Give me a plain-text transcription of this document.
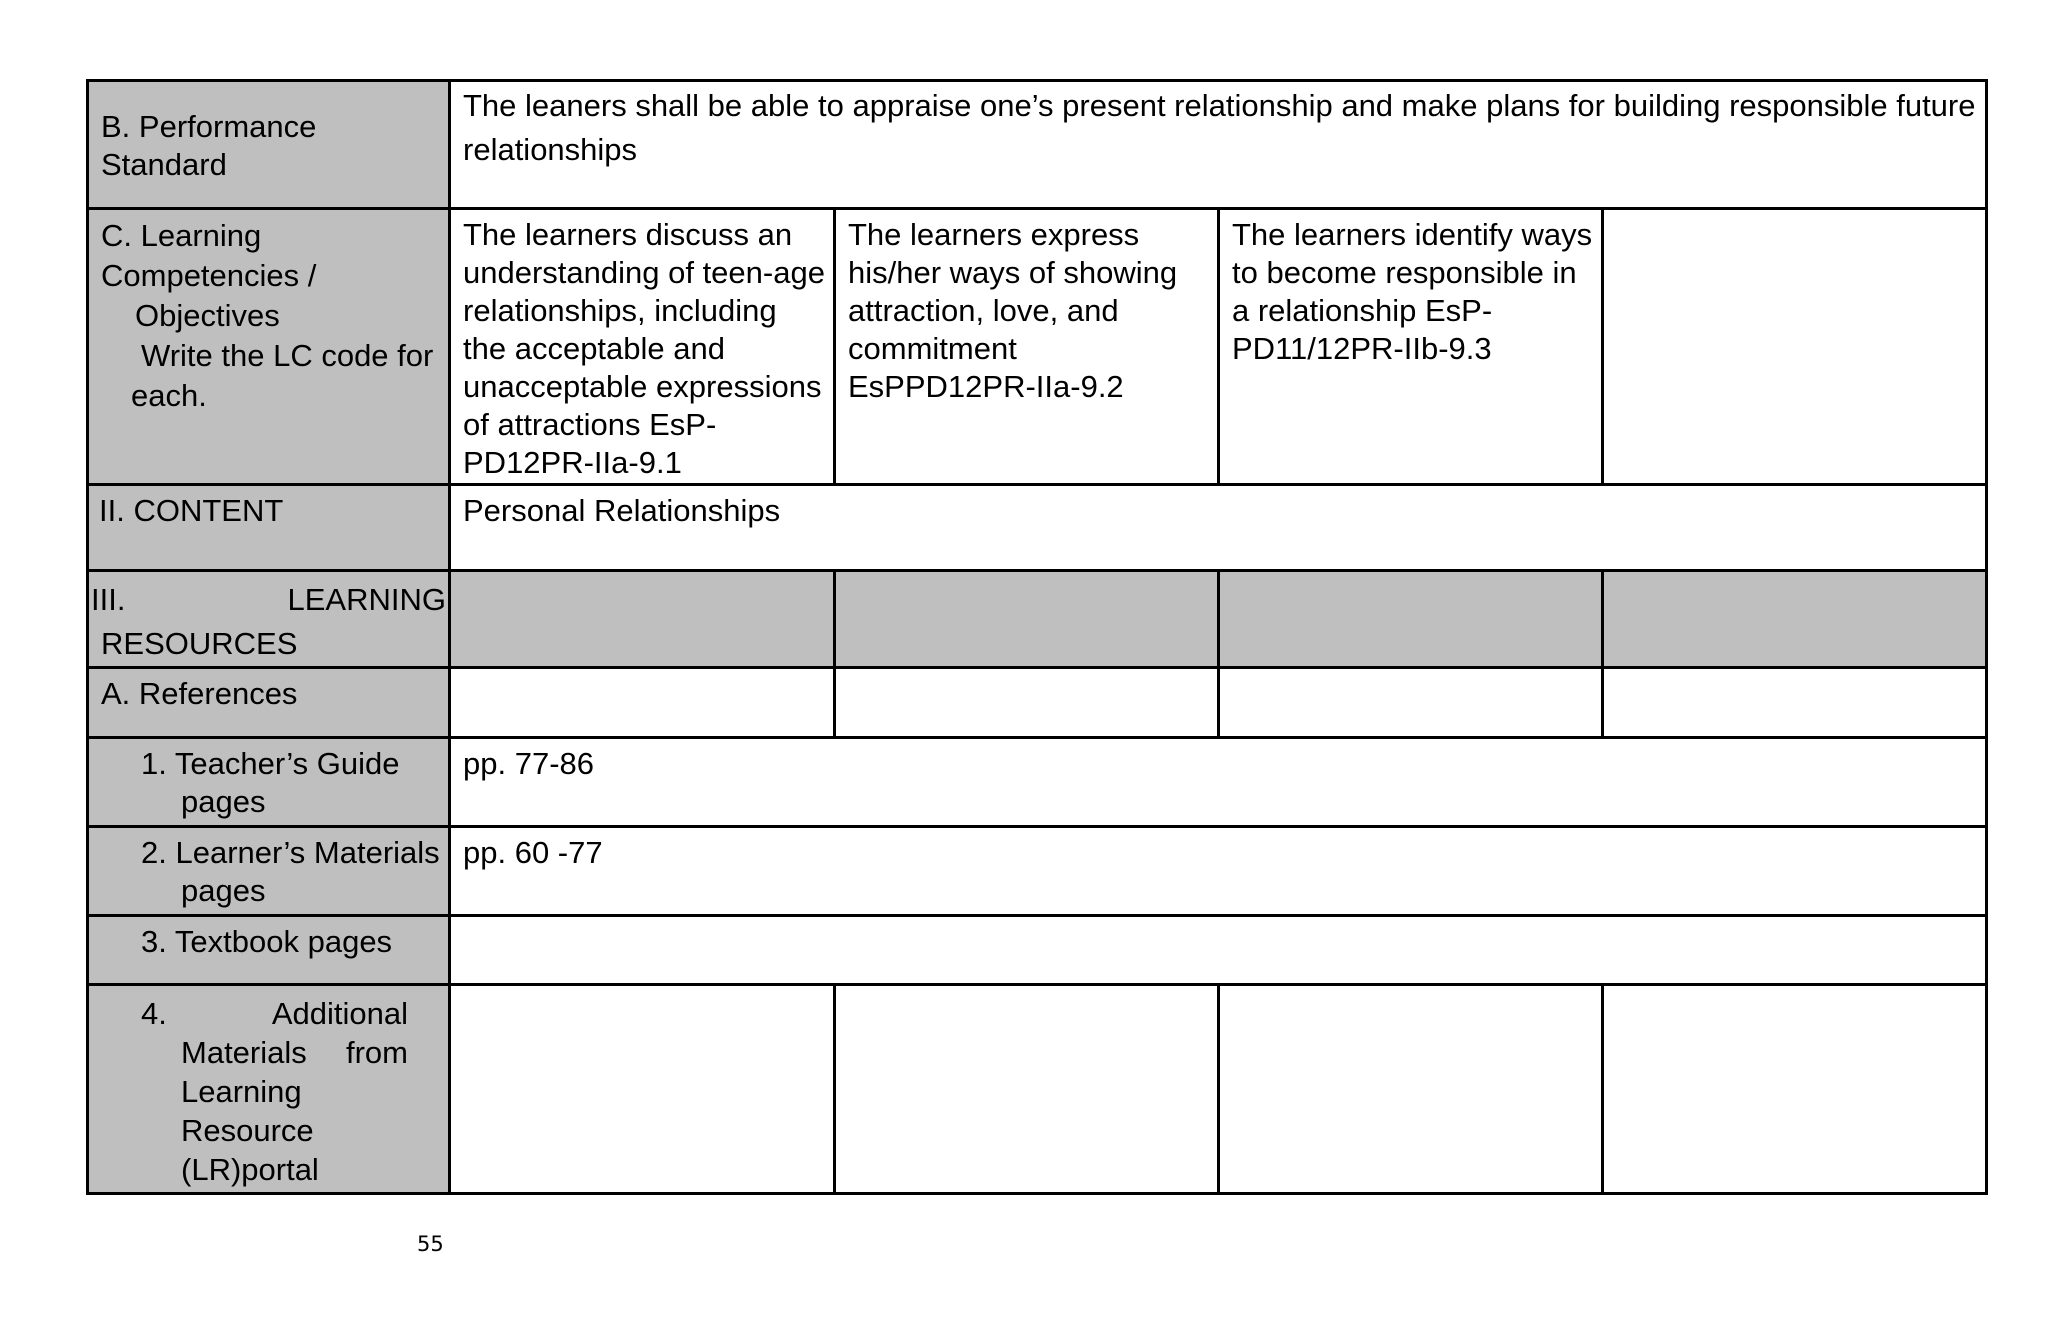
B. Performance
Standard	The leaners shall be able to appraise one’s present relationship and make plans for building responsible future relationships			

C. Learning
Competencies /
Objectives
Write the LC code for
each.	The learners discuss an understanding of teen-age relationships, including the acceptable and unacceptable expressions of attractions EsP-PD12PR-IIa-9.1	The learners express his/her ways of showing attraction, love, and commitment EsPPD12PR-IIa-9.2	The learners identify ways to become responsible in a relationship EsP-PD11/12PR-IIb-9.3	
II. CONTENT	Personal Relationships			

III. LEARNING
RESOURCES				

A. References				

1. Teacher’s Guide
pages	pp. 77-86			

2. Learner’s Materials
pages	pp. 60 -77			
3. Textbook pages				

4. Additional
Materials from
Learning
Resource
(LR)portal				

55
